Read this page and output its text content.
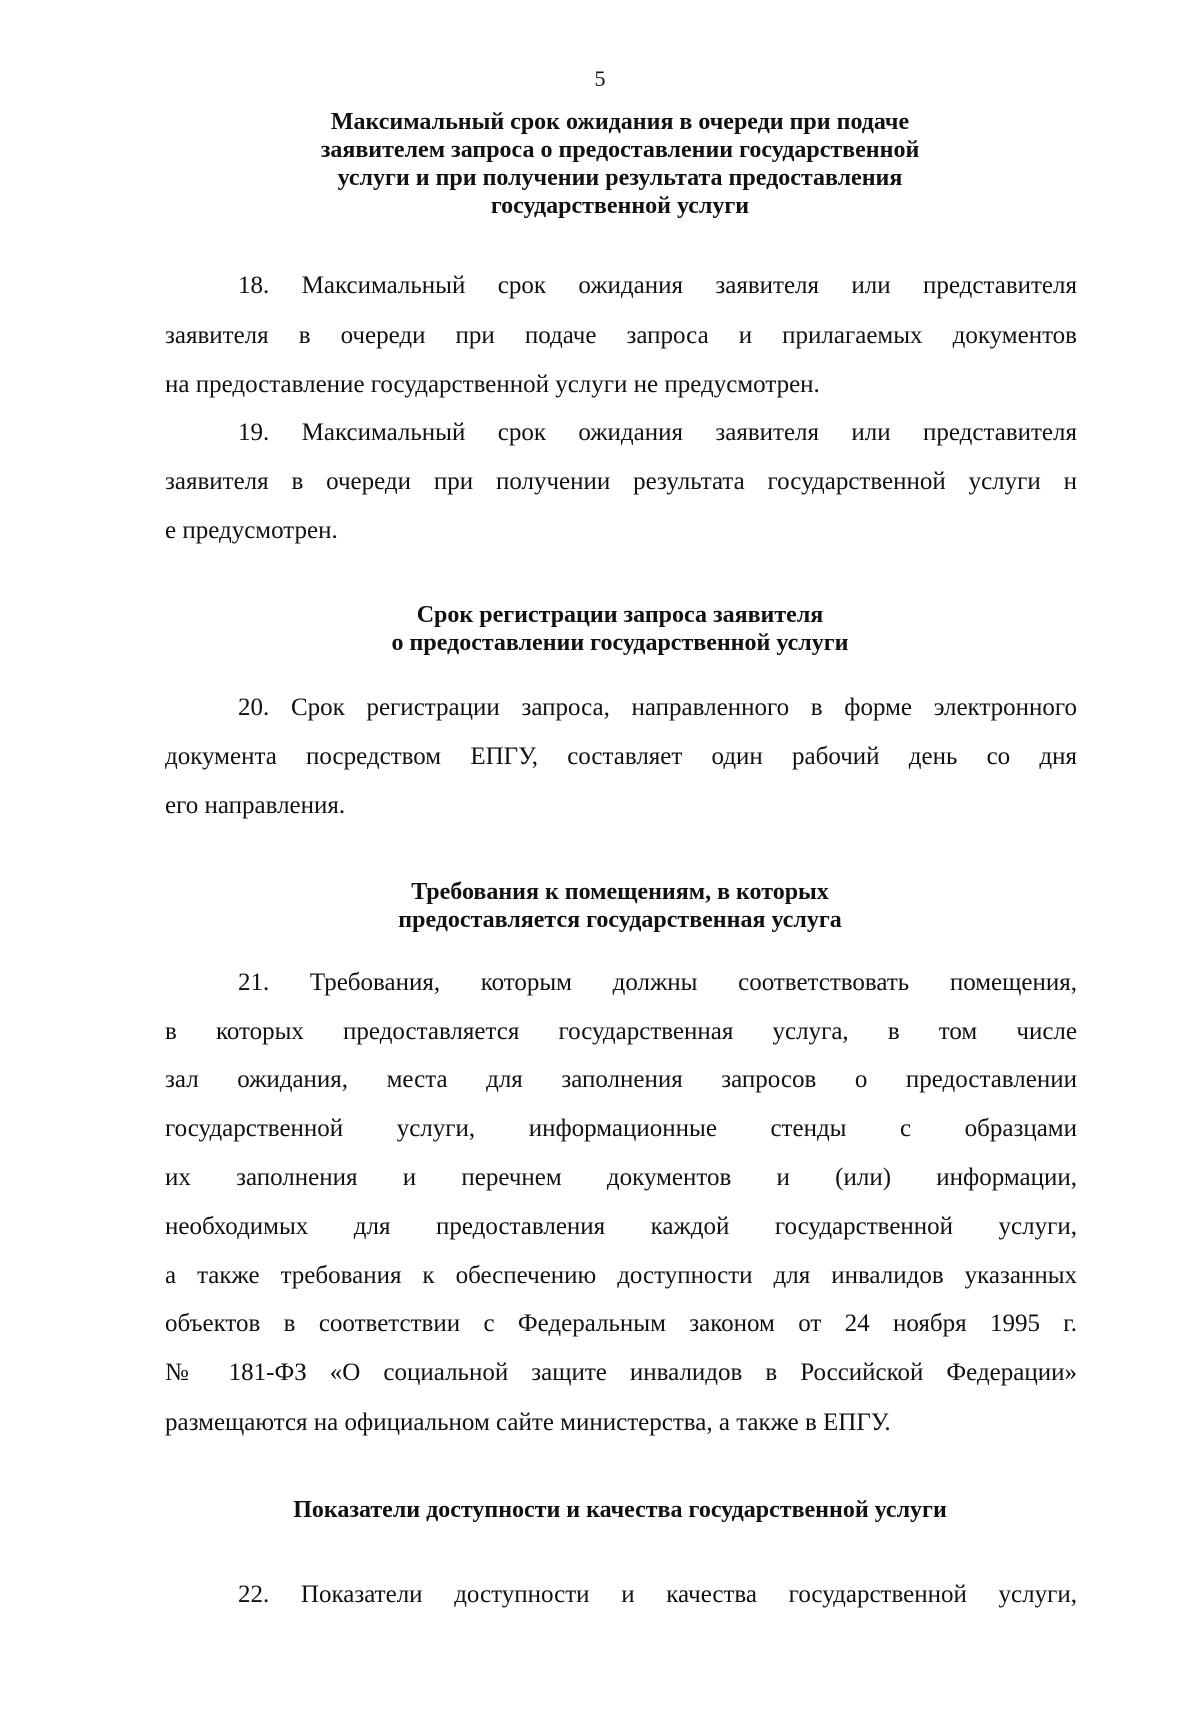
5
Максимальный срок ожидания в очереди при подаче
заявителем запроса о предоставлении государственной
услуги и при получении результата предоставления
государственной услуги
18. Максимальный срок ожидания заявителя или представителя
заявителя в очереди при подаче запроса и прилагаемых документов
на предоставление государственной услуги не предусмотрен.
19. Максимальный срок ожидания заявителя или представителя
заявителя в очереди при получении результата государственной услуги н
е предусмотрен.
Срок регистрации запроса заявителя
о предоставлении государственной услуги
20. Срок регистрации запроса, направленного в форме электронного
документа посредством ЕПГУ, составляет один рабочий день со дня
его направления.
Требования к помещениям, в которых
предоставляется государственная услуга
21. Требования, которым должны соответствовать помещения,
в которых предоставляется государственная услуга, в том числе
зал ожидания, места для заполнения запросов о предоставлении
государственной услуги, информационные стенды с образцами
их заполнения и перечнем документов и (или) информации,
необходимых для предоставления каждой государственной услуги,
а также требования к обеспечению доступности для инвалидов указанных
объектов в соответствии с Федеральным законом от 24 ноября 1995 г.
№ 181-ФЗ «О социальной защите инвалидов в Российской Федерации»
размещаются на официальном сайте министерства, а также в ЕПГУ.
Показатели доступности и качества государственной услуги
22. Показатели доступности и качества государственной услуги,
